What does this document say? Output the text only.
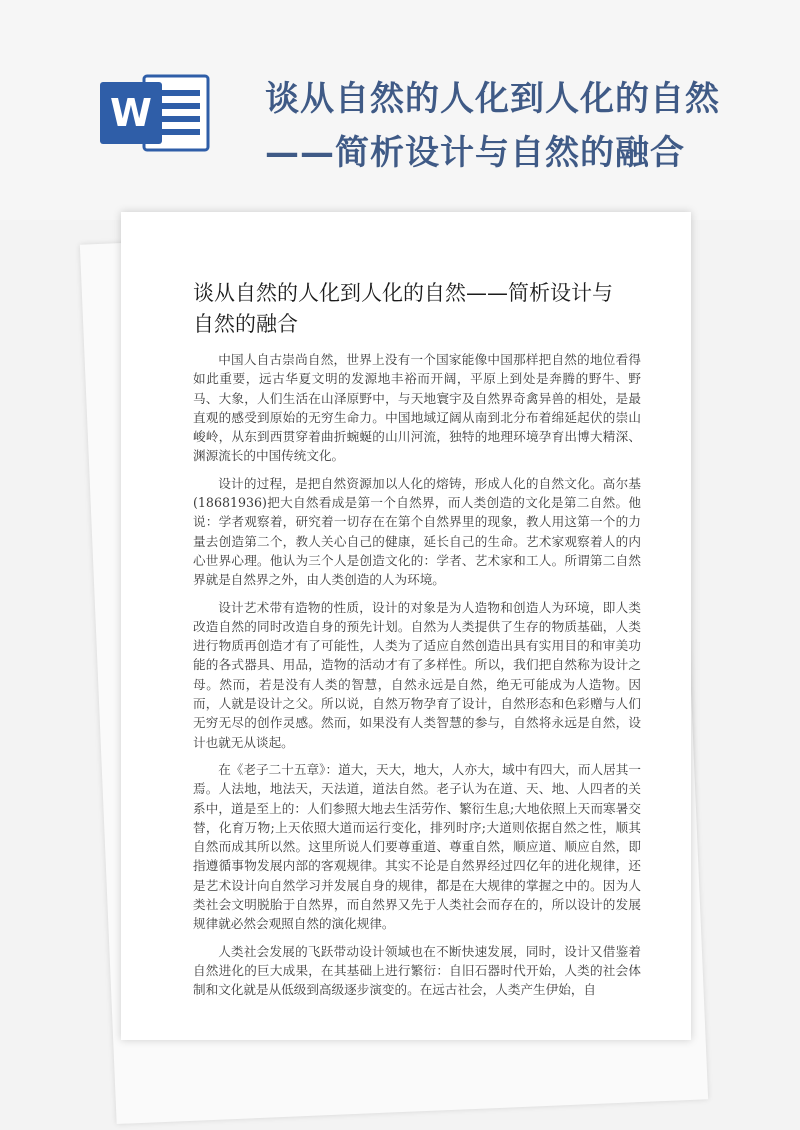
W	谈从自然的人化到人化的自然
——简析设计与自然的融合
谈从自然的人化到人化的自然——简析设计与自然的融合

中国人自古崇尚自然，世界上没有一个国家能像中国那样把自然的地位看得如此重要，远古华夏文明的发源地丰裕而开阔，平原上到处是奔腾的野牛、野马、大象，人们生活在山泽原野中，与天地寰宇及自然界奇禽异兽的相处，是最直观的感受到原始的无穷生命力。中国地域辽阔从南到北分布着绵延起伏的崇山峻岭，从东到西贯穿着曲折蜿蜒的山川河流，独特的地理环境孕育出博大精深、渊源流长的中国传统文化。

设计的过程，是把自然资源加以人化的熔铸，形成人化的自然文化。高尔基(18681936)把大自然看成是第一个自然界，而人类创造的文化是第二自然。他说：学者观察着，研究着一切存在在第个自然界里的现象，教人用这第一个的力量去创造第二个，教人关心自己的健康，延长自己的生命。艺术家观察着人的内心世界心理。他认为三个人是创造文化的：学者、艺术家和工人。所谓第二自然界就是自然界之外，由人类创造的人为环境。

设计艺术带有造物的性质，设计的对象是为人造物和创造人为环境，即人类改造自然的同时改造自身的预先计划。自然为人类提供了生存的物质基础，人类进行物质再创造才有了可能性，人类为了适应自然创造出具有实用目的和审美功能的各式器具、用品，造物的活动才有了多样性。所以，我们把自然称为设计之母。然而，若是没有人类的智慧，自然永远是自然，绝无可能成为人造物。因而，人就是设计之父。所以说，自然万物孕育了设计，自然形态和色彩赠与人们无穷无尽的创作灵感。然而，如果没有人类智慧的参与，自然将永远是自然，设计也就无从谈起。

在《老子二十五章》：道大，天大，地大，人亦大，域中有四大，而人居其一焉。人法地，地法天，天法道，道法自然。老子认为在道、天、地、人四者的关系中，道是至上的：人们参照大地去生活劳作、繁衍生息;大地依照上天而寒暑交替，化育万物;上天依照大道而运行变化，排列时序;大道则依据自然之性，顺其自然而成其所以然。这里所说人们要尊重道、尊重自然，顺应道、顺应自然，即指遵循事物发展内部的客观规律。其实不论是自然界经过四亿年的进化规律，还是艺术设计向自然学习并发展自身的规律，都是在大规律的掌握之中的。因为人类社会文明脱胎于自然界，而自然界又先于人类社会而存在的，所以设计的发展规律就必然会观照自然的演化规律。

人类社会发展的飞跃带动设计领域也在不断快速发展，同时，设计又借鉴着自然进化的巨大成果，在其基础上进行繁衍：自旧石器时代开始，人类的社会体制和文化就是从低级到高级逐步演变的。在远古社会，人类产生伊始，自
